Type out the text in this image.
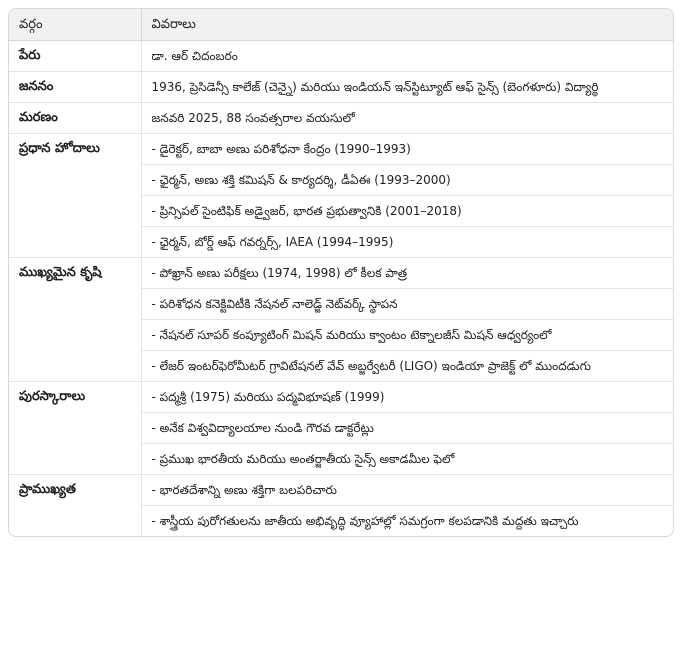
వర్గం	వివరాలు
పేరు	డా. ఆర్ చిదంబరం
జననం	1936, ప్రెసిడెన్సీ కాలేజ్ (చెన్నై) మరియు ఇండియన్ ఇన్‌స్టిట్యూట్ ఆఫ్ సైన్స్ (బెంగళూరు) విద్యార్థి
మరణం	జనవరి 2025, 88 సంవత్సరాల వయసులో
ప్రధాన హోదాలు	- డైరెక్టర్, బాబా అణు పరిశోధనా కేంద్రం (1990–1993)
	- ఛైర్మన్, అణు శక్తి కమిషన్ & కార్యదర్శి, డీఏఈ (1993–2000)
	- ప్రిన్సిపల్ సైంటిఫిక్ అడ్వైజర్, భారత ప్రభుత్వానికి (2001–2018)
	- ఛైర్మన్, బోర్డ్ ఆఫ్ గవర్నర్స్, IAEA (1994–1995)
ముఖ్యమైన కృషి	- పోఖ్రాన్ అణు పరీక్షలు (1974, 1998) లో కీలక పాత్ర
	- పరిశోధన కనెక్టివిటీకి నేషనల్ నాలెడ్జ్ నెట్‌వర్క్ స్థాపన
	- నేషనల్ సూపర్ కంప్యూటింగ్ మిషన్ మరియు క్వాంటం టెక్నాలజీస్ మిషన్ ఆధ్వర్యంలో
	- లేజర్ ఇంటర్‌ఫెరోమీటర్ గ్రావిటేషనల్ వేవ్ అబ్జర్వేటరీ (LIGO) ఇండియా ప్రాజెక్ట్ లో ముందడుగు
పురస్కారాలు	- పద్మశ్రీ (1975) మరియు పద్మవిభూషణ్ (1999)
	- అనేక విశ్వవిద్యాలయాల నుండి గౌరవ డాక్టరేట్లు
	- ప్రముఖ భారతీయ మరియు అంతర్జాతీయ సైన్స్ అకాడమీల ఫెలో
ప్రాముఖ్యత	- భారతదేశాన్ని అణు శక్తిగా బలపరిచారు
	- శాస్త్రీయ పురోగతులను జాతీయ అభివృద్ధి వ్యూహాల్లో సమగ్రంగా కలపడానికి మద్దతు ఇచ్చారు
